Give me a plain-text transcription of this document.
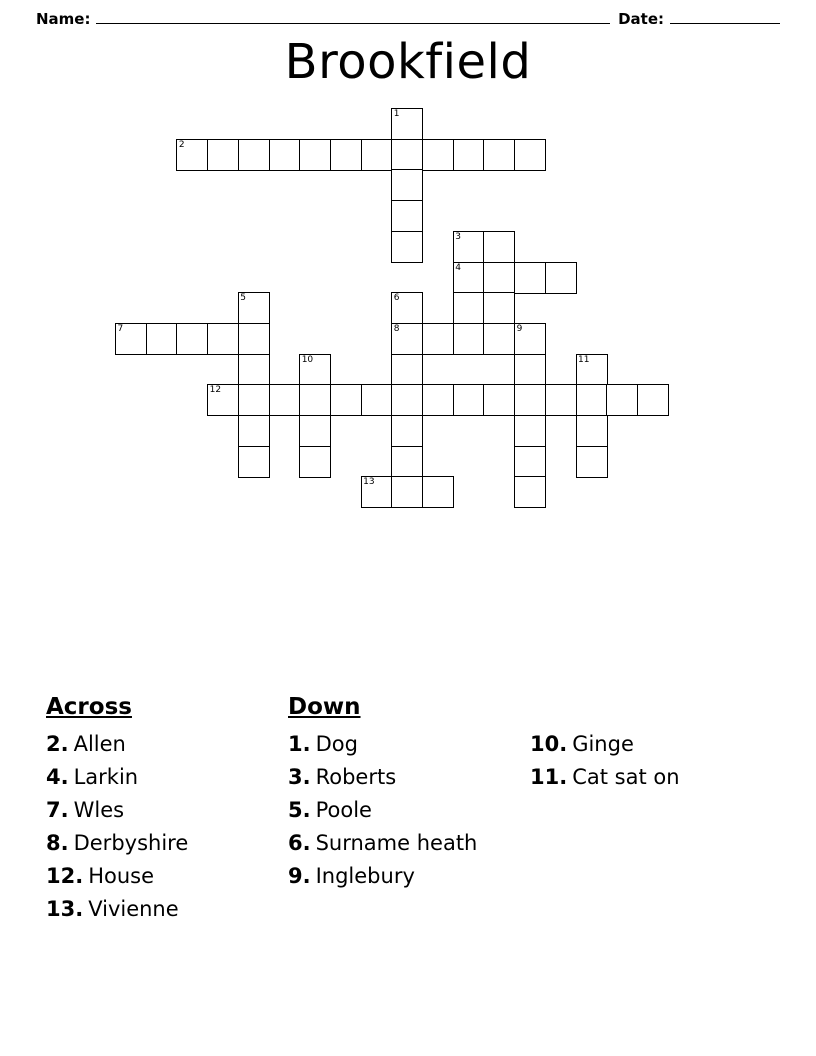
Name:	Date:
Brookfield
1
2
3
4
5	6
7	8	9
10	11
12
13
Across
2. Allen
4. Larkin
7. Wles
8. Derbyshire
12. House
13. Vivienne
Down
1. Dog
3. Roberts
5. Poole
6. Surname heath
9. Inglebury
10. Ginge
11. Cat sat on
